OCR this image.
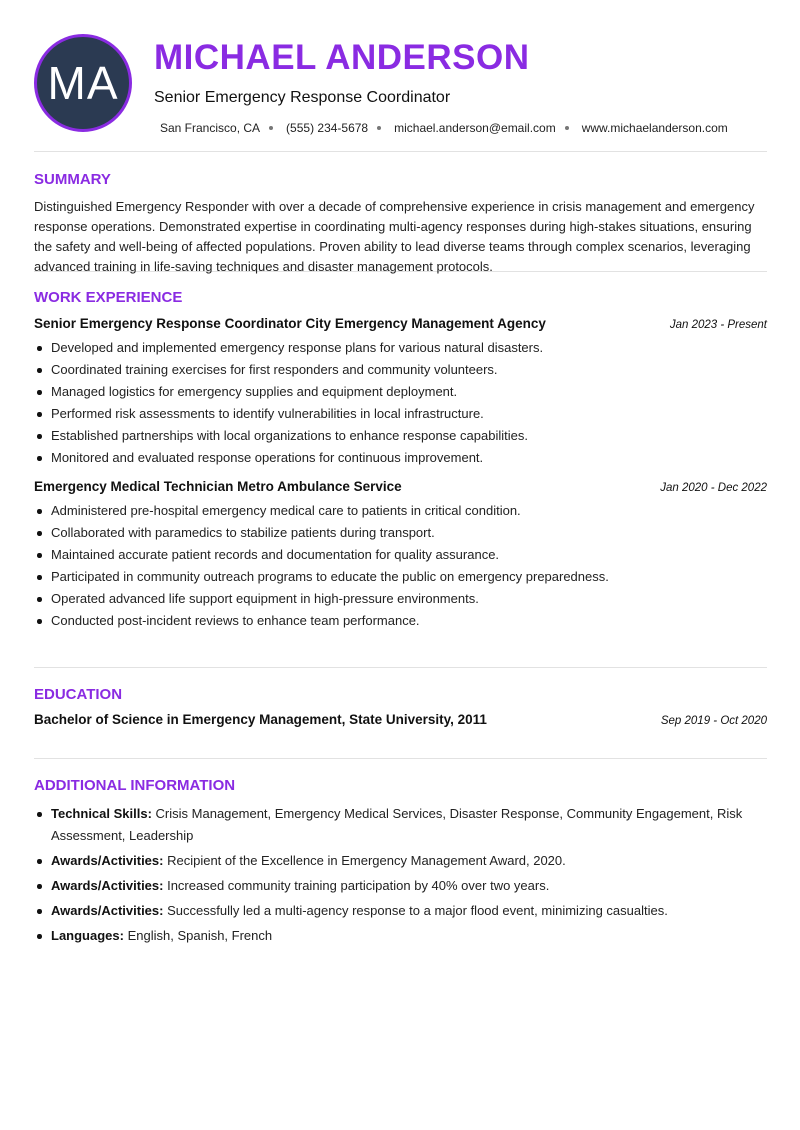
MA	MICHAEL ANDERSON
Senior Emergency Response Coordinator
San Francisco, CA (555) 234-5678 michael.anderson@email.com www.michaelanderson.com
SUMMARY

Distinguished Emergency Responder with over a decade of comprehensive experience in crisis management and emergency response operations. Demonstrated expertise in coordinating multi-agency responses during high-stakes situations, ensuring the safety and well-being of affected populations. Proven ability to lead diverse teams through complex scenarios, leveraging advanced training in life-saving techniques and disaster management protocols.

WORK EXPERIENCE
Senior Emergency Response Coordinator City Emergency Management Agency	Jan 2023 - Present
Developed and implemented emergency response plans for various natural disasters.
Coordinated training exercises for first responders and community volunteers.
Managed logistics for emergency supplies and equipment deployment.
Performed risk assessments to identify vulnerabilities in local infrastructure.
Established partnerships with local organizations to enhance response capabilities.
Monitored and evaluated response operations for continuous improvement.
Emergency Medical Technician Metro Ambulance Service	Jan 2020 - Dec 2022
Administered pre-hospital emergency medical care to patients in critical condition.
Collaborated with paramedics to stabilize patients during transport.
Maintained accurate patient records and documentation for quality assurance.
Participated in community outreach programs to educate the public on emergency preparedness.
Operated advanced life support equipment in high-pressure environments.
Conducted post-incident reviews to enhance team performance.
EDUCATION
Bachelor of Science in Emergency Management, State University, 2011	Sep 2019 - Oct 2020
ADDITIONAL INFORMATION
Technical Skills: Crisis Management, Emergency Medical Services, Disaster Response, Community Engagement, Risk Assessment, Leadership
Awards/Activities: Recipient of the Excellence in Emergency Management Award, 2020.
Awards/Activities: Increased community training participation by 40% over two years.
Awards/Activities: Successfully led a multi-agency response to a major flood event, minimizing casualties.
Languages: English, Spanish, French
